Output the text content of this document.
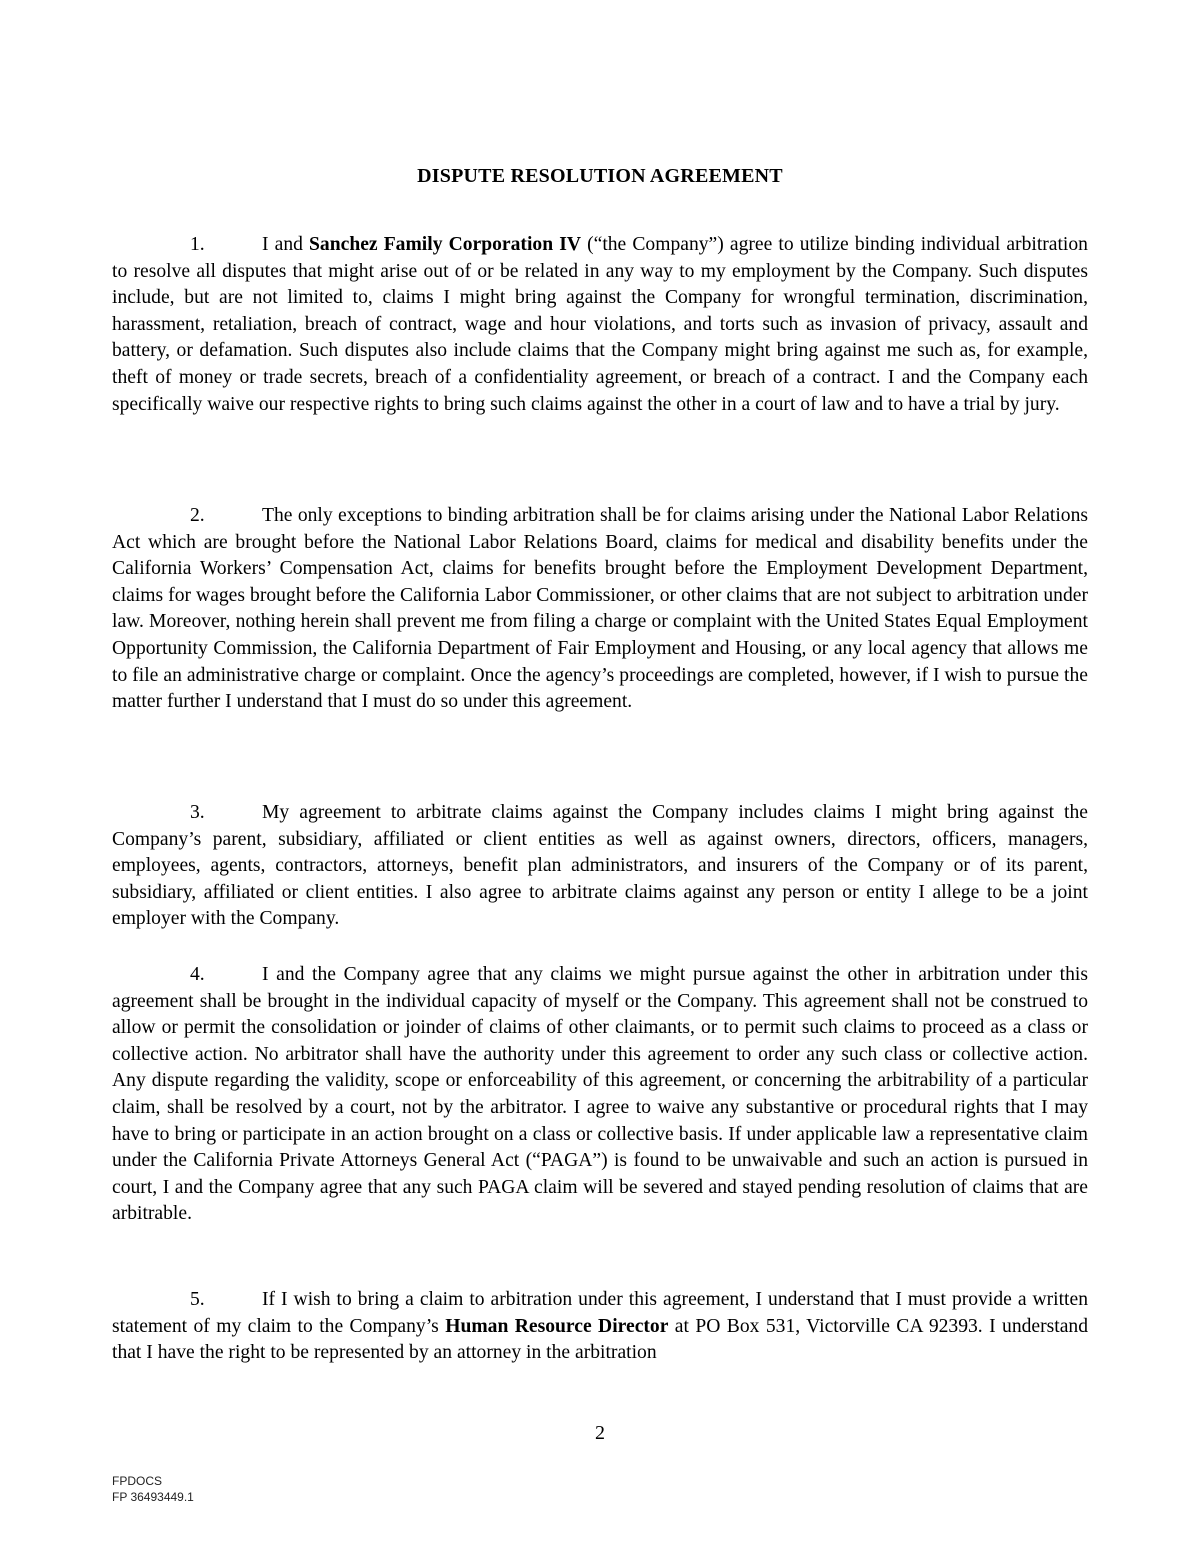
DISPUTE RESOLUTION AGREEMENT

1.	I and Sanchez Family Corporation IV (“the Company”) agree to utilize binding individual arbitration to resolve all disputes that might arise out of or be related in any way to my employment by the Company. Such disputes include, but are not limited to, claims I might bring against the Company for wrongful termination, discrimination, harassment, retaliation, breach of contract, wage and hour violations, and torts such as invasion of privacy, assault and battery, or defamation. Such disputes also include claims that the Company might bring against me such as, for example, theft of money or trade secrets, breach of a confidentiality agreement, or breach of a contract. I and the Company each specifically waive our respective rights to bring such claims against the other in a court of law and to have a trial by jury.

2.	The only exceptions to binding arbitration shall be for claims arising under the National Labor Relations Act which are brought before the National Labor Relations Board, claims for medical and disability benefits under the California Workers’ Compensation Act, claims for benefits brought before the Employment Development Department, claims for wages brought before the California Labor Commissioner, or other claims that are not subject to arbitration under law. Moreover, nothing herein shall prevent me from filing a charge or complaint with the United States Equal Employment Opportunity Commission, the California Department of Fair Employment and Housing, or any local agency that allows me to file an administrative charge or complaint. Once the agency’s proceedings are completed, however, if I wish to pursue the matter further I understand that I must do so under this agreement.

3.	My agreement to arbitrate claims against the Company includes claims I might bring against the Company’s parent, subsidiary, affiliated or client entities as well as against owners, directors, officers, managers, employees, agents, contractors, attorneys, benefit plan administrators, and insurers of the Company or of its parent, subsidiary, affiliated or client entities. I also agree to arbitrate claims against any person or entity I allege to be a joint employer with the Company.

4.	I and the Company agree that any claims we might pursue against the other in arbitration under this agreement shall be brought in the individual capacity of myself or the Company. This agreement shall not be construed to allow or permit the consolidation or joinder of claims of other claimants, or to permit such claims to proceed as a class or collective action. No arbitrator shall have the authority under this agreement to order any such class or collective action. Any dispute regarding the validity, scope or enforceability of this agreement, or concerning the arbitrability of a particular claim, shall be resolved by a court, not by the arbitrator. I agree to waive any substantive or procedural rights that I may have to bring or participate in an action brought on a class or collective basis. If under applicable law a representative claim under the California Private Attorneys General Act (“PAGA”) is found to be unwaivable and such an action is pursued in court, I and the Company agree that any such PAGA claim will be severed and stayed pending resolution of claims that are arbitrable.

5.	If I wish to bring a claim to arbitration under this agreement, I understand that I must provide a written statement of my claim to the Company’s Human Resource Director at PO Box 531, Victorville CA 92393. I understand that I have the right to be represented by an attorney in the arbitration

2

FPDOCS
FP 36493449.1
